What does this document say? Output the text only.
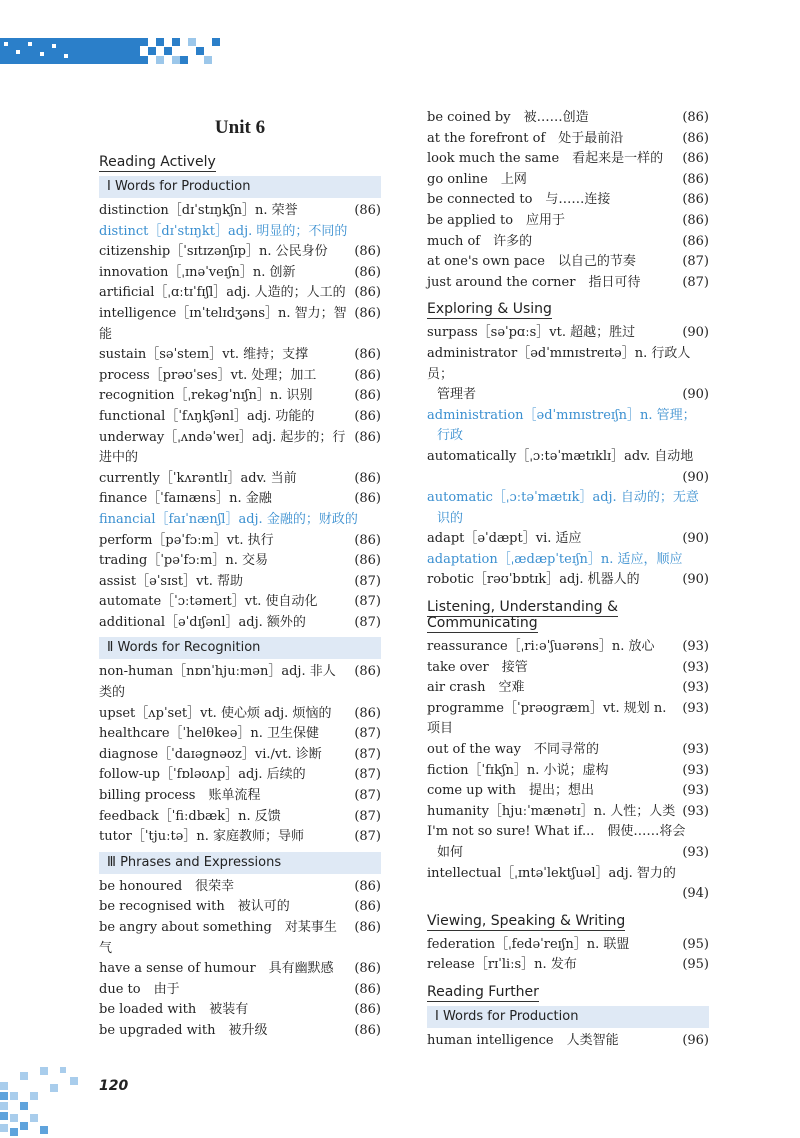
120
Unit 6
Reading Actively
Ⅰ Words for Production
distinction［dɪˈstɪŋkʃn］n. 荣誉	(86)
distinct［dɪˈstɪŋkt］adj. 明显的；不同的
citizenship［ˈsɪtɪzənʃɪp］n. 公民身份	(86)
innovation［ˌɪnəˈveɪʃn］n. 创新	(86)
artificial［ˌɑːtɪˈfɪʃl］adj. 人造的；人工的 (86)
intelligence［ɪnˈtelɪdʒəns］n. 智力；智能
(86)
sustain［səˈsteɪn］vt. 维持；支撑	(86)
process［prəʊˈses］vt. 处理；加工	(86)
recognition［ˌrekəgˈnɪʃn］n. 识别	(86)
functional［ˈfʌŋkʃənl］adj. 功能的	(86)
underway［ˌʌndəˈweɪ］adj. 起步的；行进中的
(86)
currently［ˈkʌrəntlɪ］adv. 当前	(86)
finance［ˈfaɪnæns］n. 金融	(86)
financial［faɪˈnænʃl］adj. 金融的；财政的
perform［pəˈfɔːm］vt. 执行	(86)
trading［ˈpəˈfɔːm］n. 交易	(86)
assist［əˈsɪst］vt. 帮助	(87)
automate［ˈɔːtəmeɪt］vt. 使自动化	(87)
additional［əˈdɪʃənl］adj. 额外的	(87)
Ⅱ Words for Recognition
non-human［nɒnˈhjuːmən］adj. 非人类的
(86)
upset［ʌpˈset］vt. 使心烦 adj. 烦恼的	(86)
healthcare［ˈhelθkeə］n. 卫生保健	(87)
diagnose［ˈdaɪəgnəʊz］vi./vt. 诊断	(87)
follow-up［ˈfɒləʊʌp］adj. 后续的	(87)
billing process　账单流程	(87)
feedback［ˈfiːdbæk］n. 反馈	(87)
tutor［ˈtjuːtə］n. 家庭教师；导师	(87)
Ⅲ Phrases and Expressions
be honoured　很荣幸	(86)
be recognised with　被认可的	(86)
be angry about something　对某事生气
(86)
have a sense of humour　具有幽默感	(86)
due to　由于	(86)
be loaded with　被装有	(86)
be upgraded with　被升级	(86)
be coined by　被……创造	(86)
at the forefront of　处于最前沿	(86)
look much the same　看起来是一样的	(86)
go online　上网	(86)
be connected to　与……连接	(86)
be applied to　应用于	(86)
much of　许多的	(86)
at one's own pace　以自己的节奏	(87)
just around the corner　指日可待	(87)
Exploring & Using
surpass［səˈpɑːs］vt. 超越；胜过	(90)
administrator［ədˈmɪnɪstreɪtə］n. 行政人员；
管理者	(90)
administration［ədˈmɪnɪstreɪʃn］n. 管理；
行政
automatically［ˌɔːtəˈmætɪklɪ］adv. 自动地
(90)
automatic［ˌɔːtəˈmætɪk］adj. 自动的；无意
识的
adapt［əˈdæpt］vi. 适应	(90)
adaptation［ˌædæpˈteɪʃn］n. 适应，顺应
robotic［rəʊˈbɒtɪk］adj. 机器人的	(90)
Listening, Understanding & Communicating
reassurance［ˌriːəˈʃuərəns］n. 放心	(93)
take over　接管	(93)
air crash　空难	(93)
programme［ˈprəʊgræm］vt. 规划 n. 项目
(93)
out of the way　不同寻常的	(93)
fiction［ˈfɪkʃn］n. 小说；虚构	(93)
come up with　提出；想出	(93)
humanity［hjuːˈmænətɪ］n. 人性；人类 (93)
I'm not so sure! What if...　假使……将会
如何	(93)
intellectual［ˌɪntəˈlektʃuəl］adj. 智力的
(94)
Viewing, Speaking & Writing
federation［ˌfedəˈreɪʃn］n. 联盟	(95)
release［rɪˈliːs］n. 发布	(95)
Reading Further
Ⅰ Words for Production
human intelligence　人类智能	(96)
